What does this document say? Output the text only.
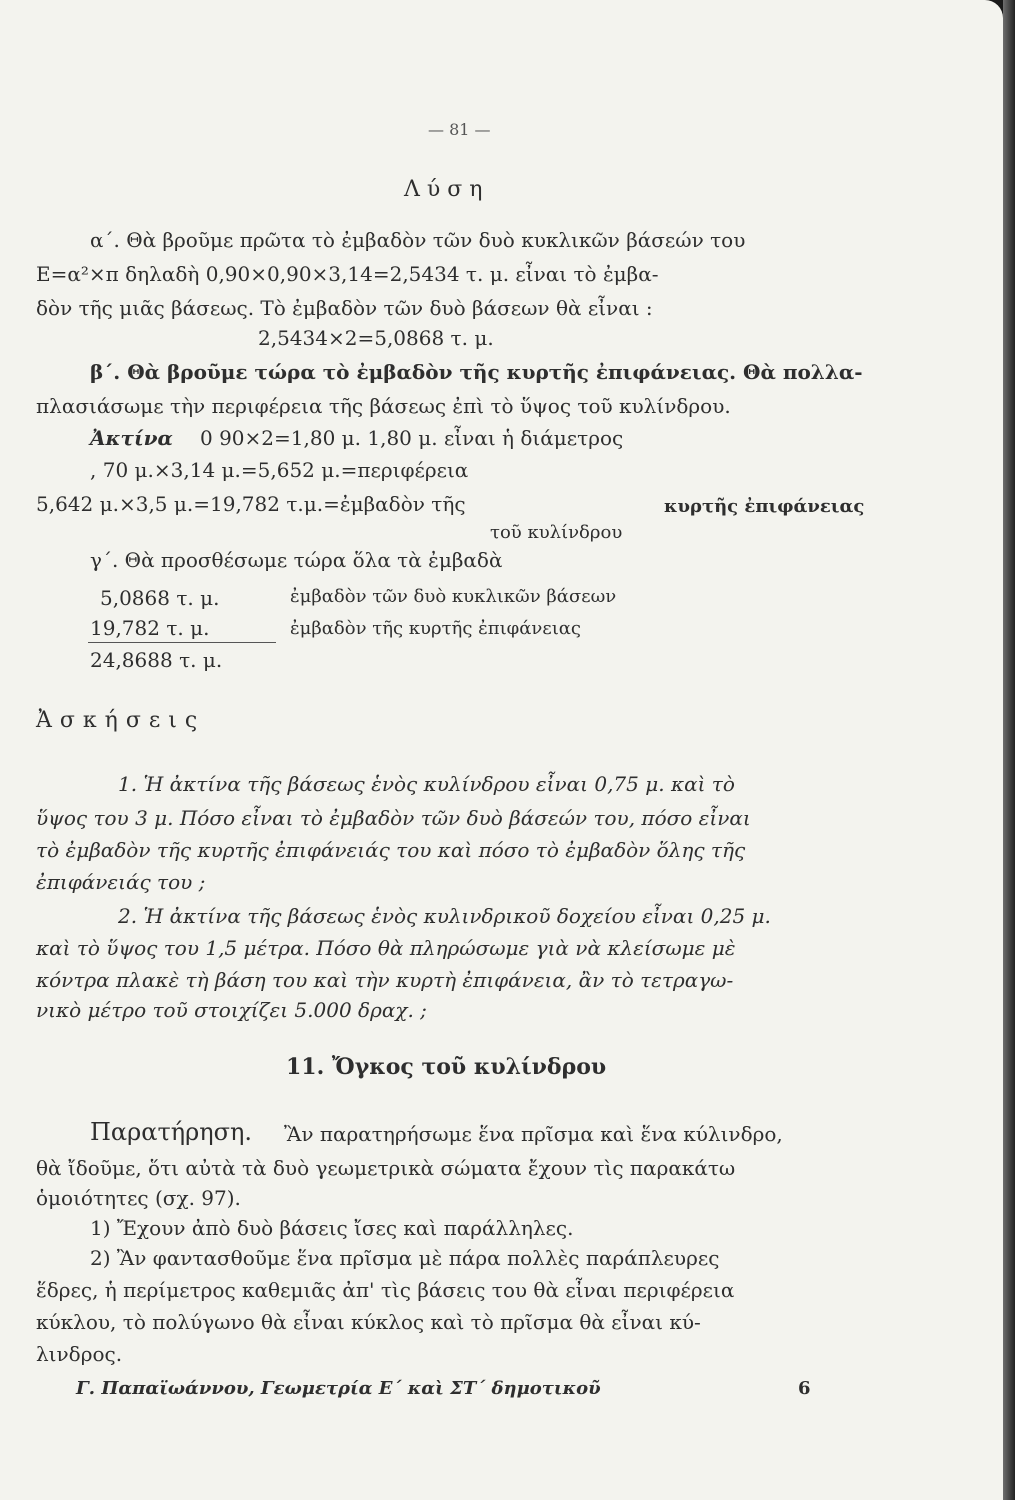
— 81 —
Λύση
α΄. Θὰ βροῦμε πρῶτα τὸ ἐμβαδὸν τῶν δυὸ κυκλικῶν βάσεών του
Ε=α²×π δηλαδὴ 0,90×0,90×3,14=2,5434 τ. μ. εἶναι τὸ ἐμβα-
δὸν τῆς μιᾶς βάσεως. Τὸ ἐμβαδὸν τῶν δυὸ βάσεων θὰ εἶναι :
2,5434×2=5,0868 τ. μ.
β΄. Θὰ βροῦμε τώρα τὸ ἐμβαδὸν τῆς κυρτῆς ἐπιφάνειας. Θὰ πολλα-
πλασιάσωμε τὴν περιφέρεια τῆς βάσεως ἐπὶ τὸ ὕψος τοῦ κυλίνδρου.
Ἀκτίνα 0 90×2=1,80 μ. 1,80 μ. εἶναι ἡ διάμετρος
, 70 μ.×3,14 μ.=5,652 μ.=περιφέρεια
5,642 μ.×3,5 μ.=19,782 τ.μ.=ἐμβαδὸν τῆς	κυρτῆς ἐπιφάνειας
τοῦ κυλίνδρου
γ΄. Θὰ προσθέσωμε τώρα ὅλα τὰ ἐμβαδὰ
5,0868 τ. μ.	ἐμβαδὸν τῶν δυὸ κυκλικῶν βάσεων
19,782 τ. μ.	ἐμβαδὸν τῆς κυρτῆς ἐπιφάνειας
24,8688 τ. μ.
Ἀσκήσεις
1. Ἡ ἀκτίνα τῆς βάσεως ἑνὸς κυλίνδρου εἶναι 0,75 μ. καὶ τὸ
ὕψος του 3 μ. Πόσο εἶναι τὸ ἐμβαδὸν τῶν δυὸ βάσεών του, πόσο εἶναι
τὸ ἐμβαδὸν τῆς κυρτῆς ἐπιφάνειάς του καὶ πόσο τὸ ἐμβαδὸν ὅλης τῆς
ἐπιφάνειάς του ;
2. Ἡ ἀκτίνα τῆς βάσεως ἑνὸς κυλινδρικοῦ δοχείου εἶναι 0,25 μ.
καὶ τὸ ὕψος του 1,5 μέτρα. Πόσο θὰ πληρώσωμε γιὰ νὰ κλείσωμε μὲ
κόντρα πλακὲ τὴ βάση του καὶ τὴν κυρτὴ ἐπιφάνεια, ἂν τὸ τετραγω-
νικὸ μέτρο τοῦ στοιχίζει 5.000 δραχ. ;
11. Ὄγκος τοῦ κυλίνδρου
Παρατήρηση. Ἂν παρατηρήσωμε ἕνα πρῖσμα καὶ ἕνα κύλινδρο,
θὰ ἴδοῦμε, ὅτι αὐτὰ τὰ δυὸ γεωμετρικὰ σώματα ἔχουν τὶς παρακάτω
ὁμοιότητες (σχ. 97).
1) Ἔχουν ἀπὸ δυὸ βάσεις ἴσες καὶ παράλληλες.
2) Ἂν φαντασθοῦμε ἕνα πρῖσμα μὲ πάρα πολλὲς παράπλευρες
ἕδρες, ἡ περίμετρος καθεμιᾶς ἀπ' τὶς βάσεις του θὰ εἶναι περιφέρεια
κύκλου, τὸ πολύγωνο θὰ εἶναι κύκλος καὶ τὸ πρῖσμα θὰ εἶναι κύ-
λινδρος.
Γ. Παπαϊωάννου, Γεωμετρία Ε΄ καὶ ΣΤ΄ δημοτικοῦ	6
